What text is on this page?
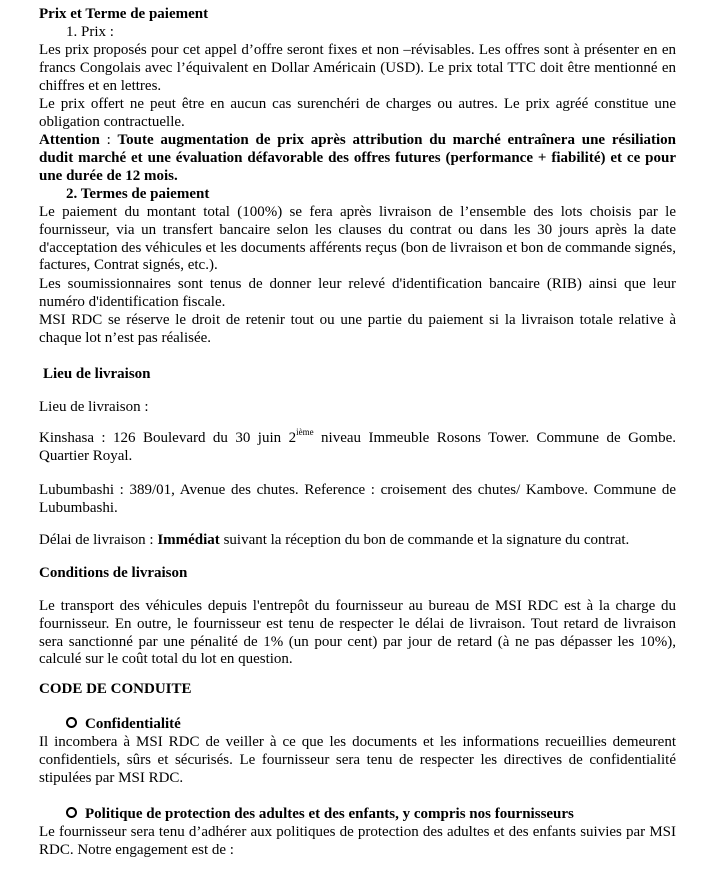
Prix et Terme de paiement
1. Prix :

Les prix proposés pour cet appel d’offre seront fixes et non –révisables. Les offres sont à présenter en en francs Congolais avec l’équivalent en Dollar Américain (USD). Le prix total TTC doit être mentionné en chiffres et en lettres.

Le prix offert ne peut être en aucun cas surenchéri de charges ou autres. Le prix agréé constitue une obligation contractuelle.

Attention : Toute augmentation de prix après attribution du marché entraînera une résiliation dudit marché et une évaluation défavorable des offres futures (performance + fiabilité) et ce pour une durée de 12 mois.

2. Termes de paiement

Le paiement du montant total (100%) se fera après livraison de l’ensemble des lots choisis par le fournisseur, via un transfert bancaire selon les clauses du contrat ou dans les 30 jours après la date d'acceptation des véhicules et les documents afférents reçus (bon de livraison et bon de commande signés, factures, Contrat signés, etc.).

Les soumissionnaires sont tenus de donner leur relevé d'identification bancaire (RIB) ainsi que leur numéro d'identification fiscale.

MSI RDC se réserve le droit de retenir tout ou une partie du paiement si la livraison totale relative à chaque lot n’est pas réalisée.

Lieu de livraison
Lieu de livraison :

Kinshasa : 126 Boulevard du 30 juin 2ième niveau Immeuble Rosons Tower. Commune de Gombe. Quartier Royal.

Lubumbashi : 389/01, Avenue des chutes. Reference : croisement des chutes/ Kambove. Commune de Lubumbashi.

Délai de livraison : Immédiat suivant la réception du bon de commande et la signature du contrat.

Conditions de livraison

Le transport des véhicules depuis l'entrepôt du fournisseur au bureau de MSI RDC est à la charge du fournisseur. En outre, le fournisseur est tenu de respecter le délai de livraison. Tout retard de livraison sera sanctionné par une pénalité de 1% (un pour cent) par jour de retard (à ne pas dépasser les 10%), calculé sur le coût total du lot en question.

CODE DE CONDUITE
Confidentialité

Il incombera à MSI RDC de veiller à ce que les documents et les informations recueillies demeurent confidentiels, sûrs et sécurisés. Le fournisseur sera tenu de respecter les directives de confidentialité stipulées par MSI RDC.

Politique de protection des adultes et des enfants, y compris nos fournisseurs

Le fournisseur sera tenu d’adhérer aux politiques de protection des adultes et des enfants suivies par MSI RDC. Notre engagement est de :
